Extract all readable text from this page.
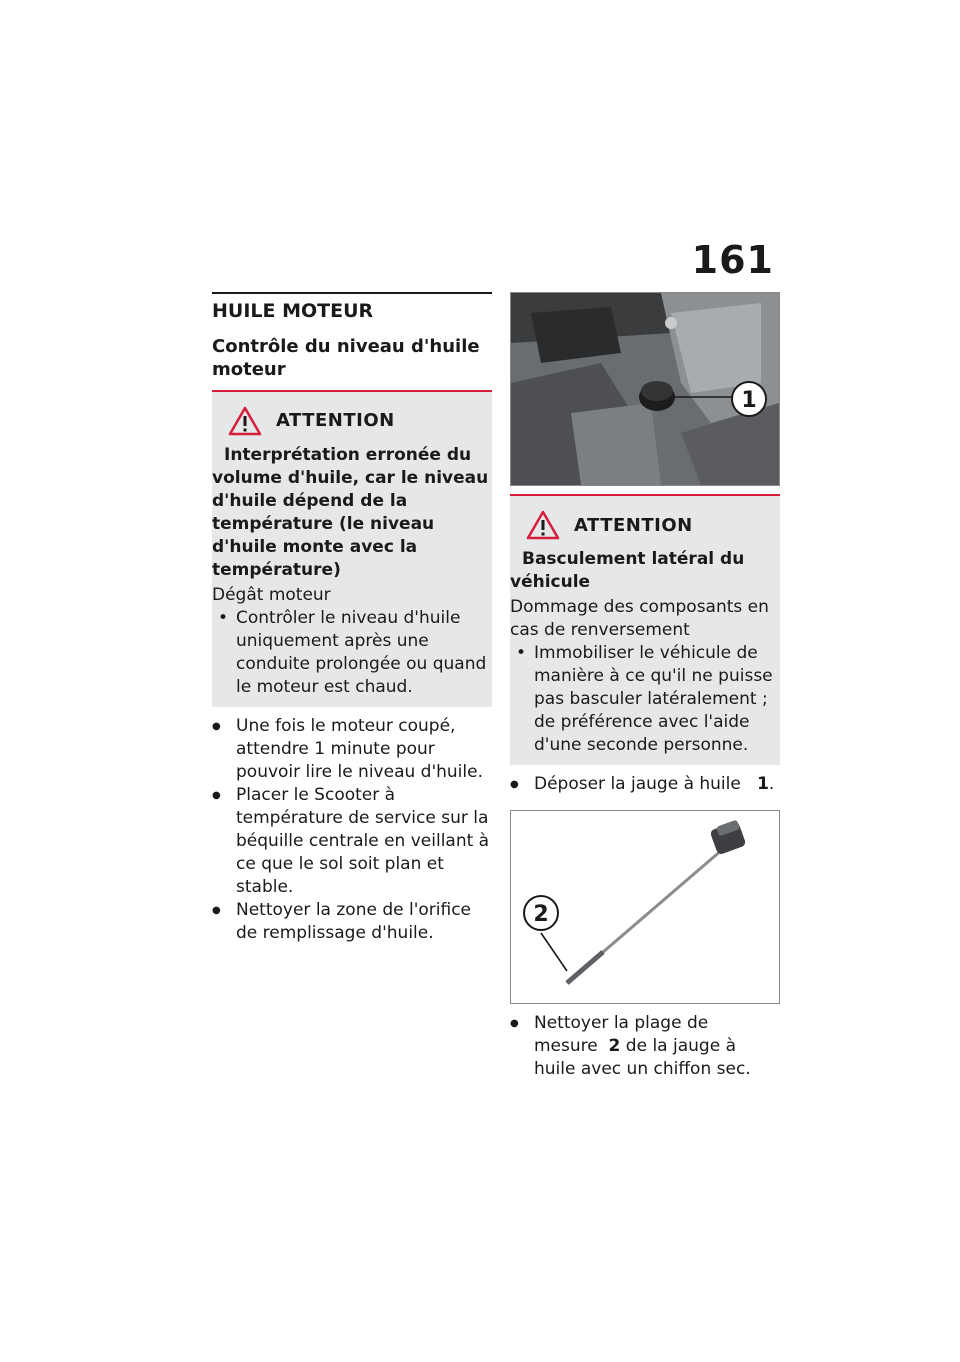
161
HUILE MOTEUR
Contrôle du niveau d'huile moteur
ATTENTION

Interprétation erronée du volume d'huile, car le niveau d'huile dépend de la température (le niveau d'huile monte avec la température)

Dégât moteur

• Contrôler le niveau d'huile uniquement après une conduite prolongée ou quand le moteur est chaud.
● Une fois le moteur coupé, attendre 1 minute pour pouvoir lire le niveau d'huile.
● Placer le Scooter à température de service sur la béquille centrale en veillant à ce que le sol soit plan et stable.
● Nettoyer la zone de l'orifice de remplissage d'huile.
1
ATTENTION

Basculement latéral du véhicule

Dommage des composants en cas de renversement

• Immobiliser le véhicule de manière à ce qu'il ne puisse pas basculer latéralement ; de préférence avec l'aide d'une seconde personne.
● Déposer la jauge à huile 1.
2
● Nettoyer la plage de mesure 2 de la jauge à huile avec un chiffon sec.
